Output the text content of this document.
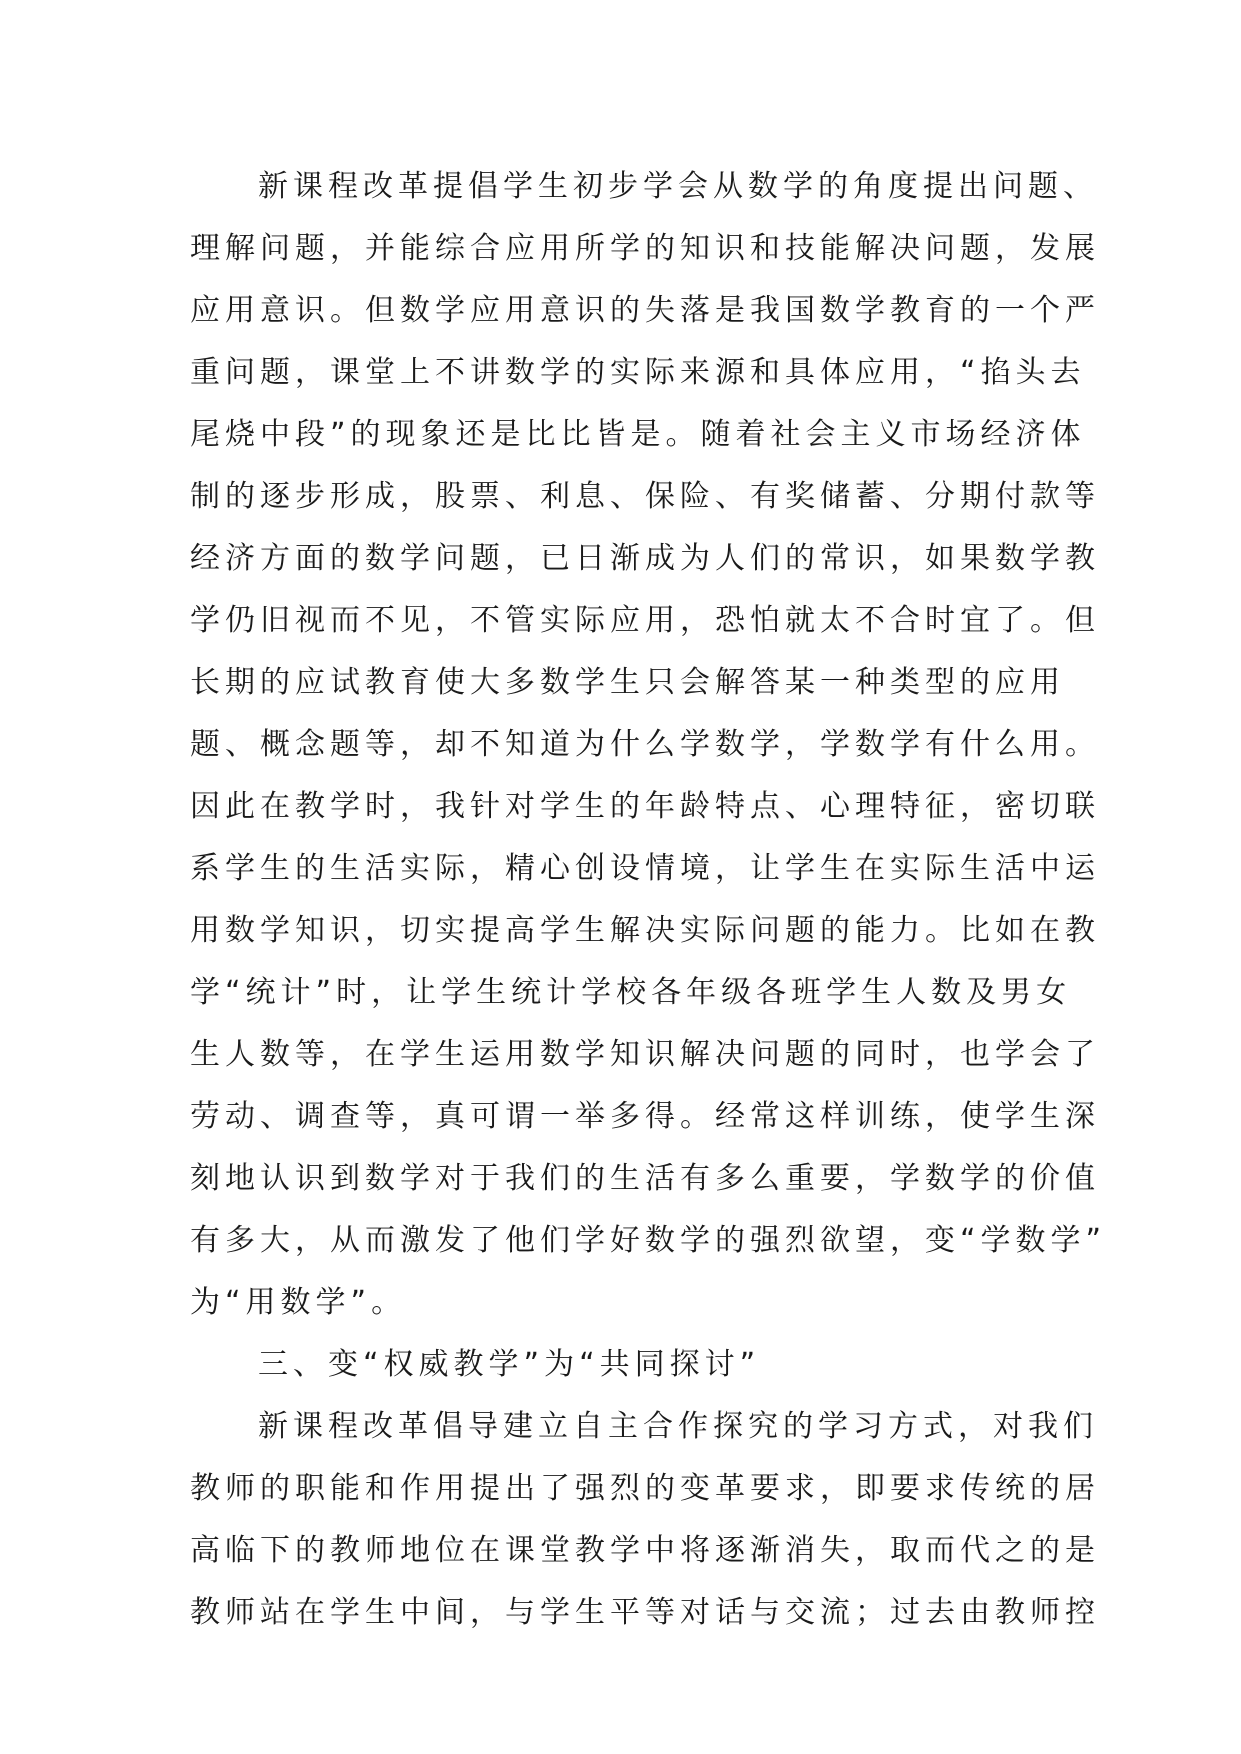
新课程改革提倡学生初步学会从数学的角度提出问题、
理解问题，并能综合应用所学的知识和技能解决问题，发展
应用意识。但数学应用意识的失落是我国数学教育的一个严
重问题，课堂上不讲数学的实际来源和具体应用，“掐头去
尾烧中段”的现象还是比比皆是。随着社会主义市场经济体
制的逐步形成，股票、利息、保险、有奖储蓄、分期付款等
经济方面的数学问题，已日渐成为人们的常识，如果数学教
学仍旧视而不见，不管实际应用，恐怕就太不合时宜了。但
长期的应试教育使大多数学生只会解答某一种类型的应用
题、概念题等，却不知道为什么学数学，学数学有什么用。
因此在教学时，我针对学生的年龄特点、心理特征，密切联
系学生的生活实际，精心创设情境，让学生在实际生活中运
用数学知识，切实提高学生解决实际问题的能力。比如在教
学“统计”时，让学生统计学校各年级各班学生人数及男女
生人数等，在学生运用数学知识解决问题的同时，也学会了
劳动、调查等，真可谓一举多得。经常这样训练，使学生深
刻地认识到数学对于我们的生活有多么重要，学数学的价值
有多大，从而激发了他们学好数学的强烈欲望，变“学数学”
为“用数学”。
三、变“权威教学”为“共同探讨”
新课程改革倡导建立自主合作探究的学习方式，对我们
教师的职能和作用提出了强烈的变革要求，即要求传统的居
高临下的教师地位在课堂教学中将逐渐消失，取而代之的是
教师站在学生中间，与学生平等对话与交流；过去由教师控
